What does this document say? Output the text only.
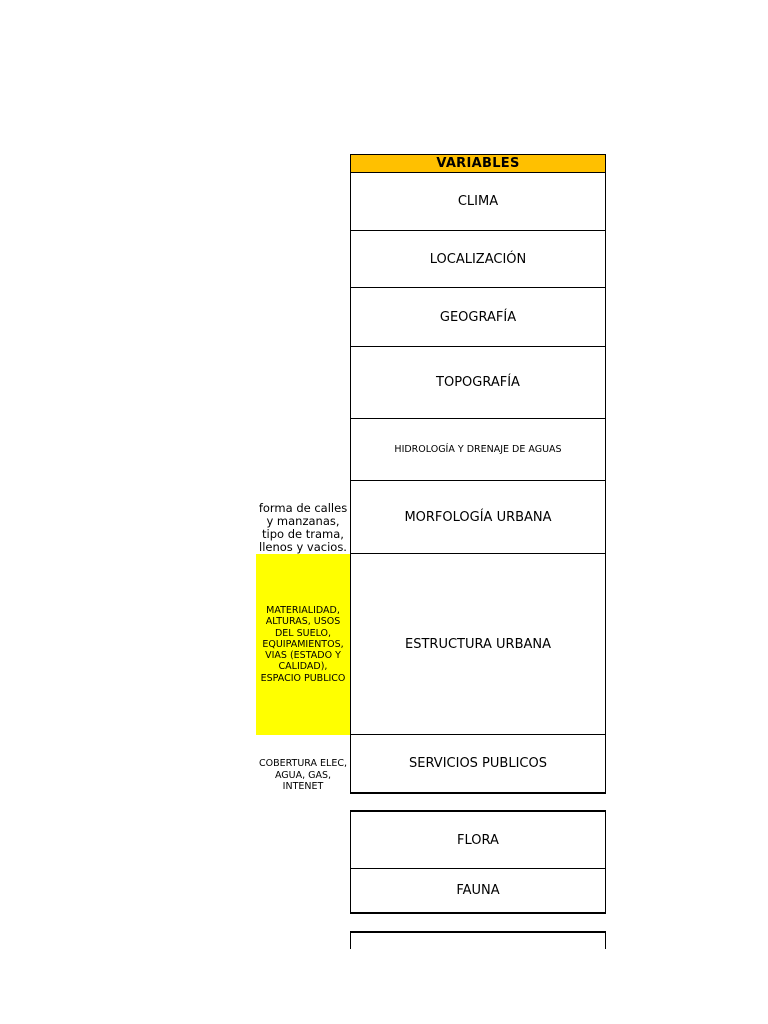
VARIABLES
CLIMA
LOCALIZACIÓN
GEOGRAFÍA
TOPOGRAFÍA
HIDROLOGÍA Y DRENAJE DE AGUAS
MORFOLOGÍA URBANA
ESTRUCTURA URBANA
SERVICIOS PUBLICOS
FLORA
FAUNA
forma de calles y manzanas, tipo de trama, llenos y vacios.
MATERIALIDAD, ALTURAS, USOS DEL SUELO, EQUIPAMIENTOS, VIAS (ESTADO Y CALIDAD), ESPACIO PUBLICO
COBERTURA ELEC, AGUA, GAS, INTENET
